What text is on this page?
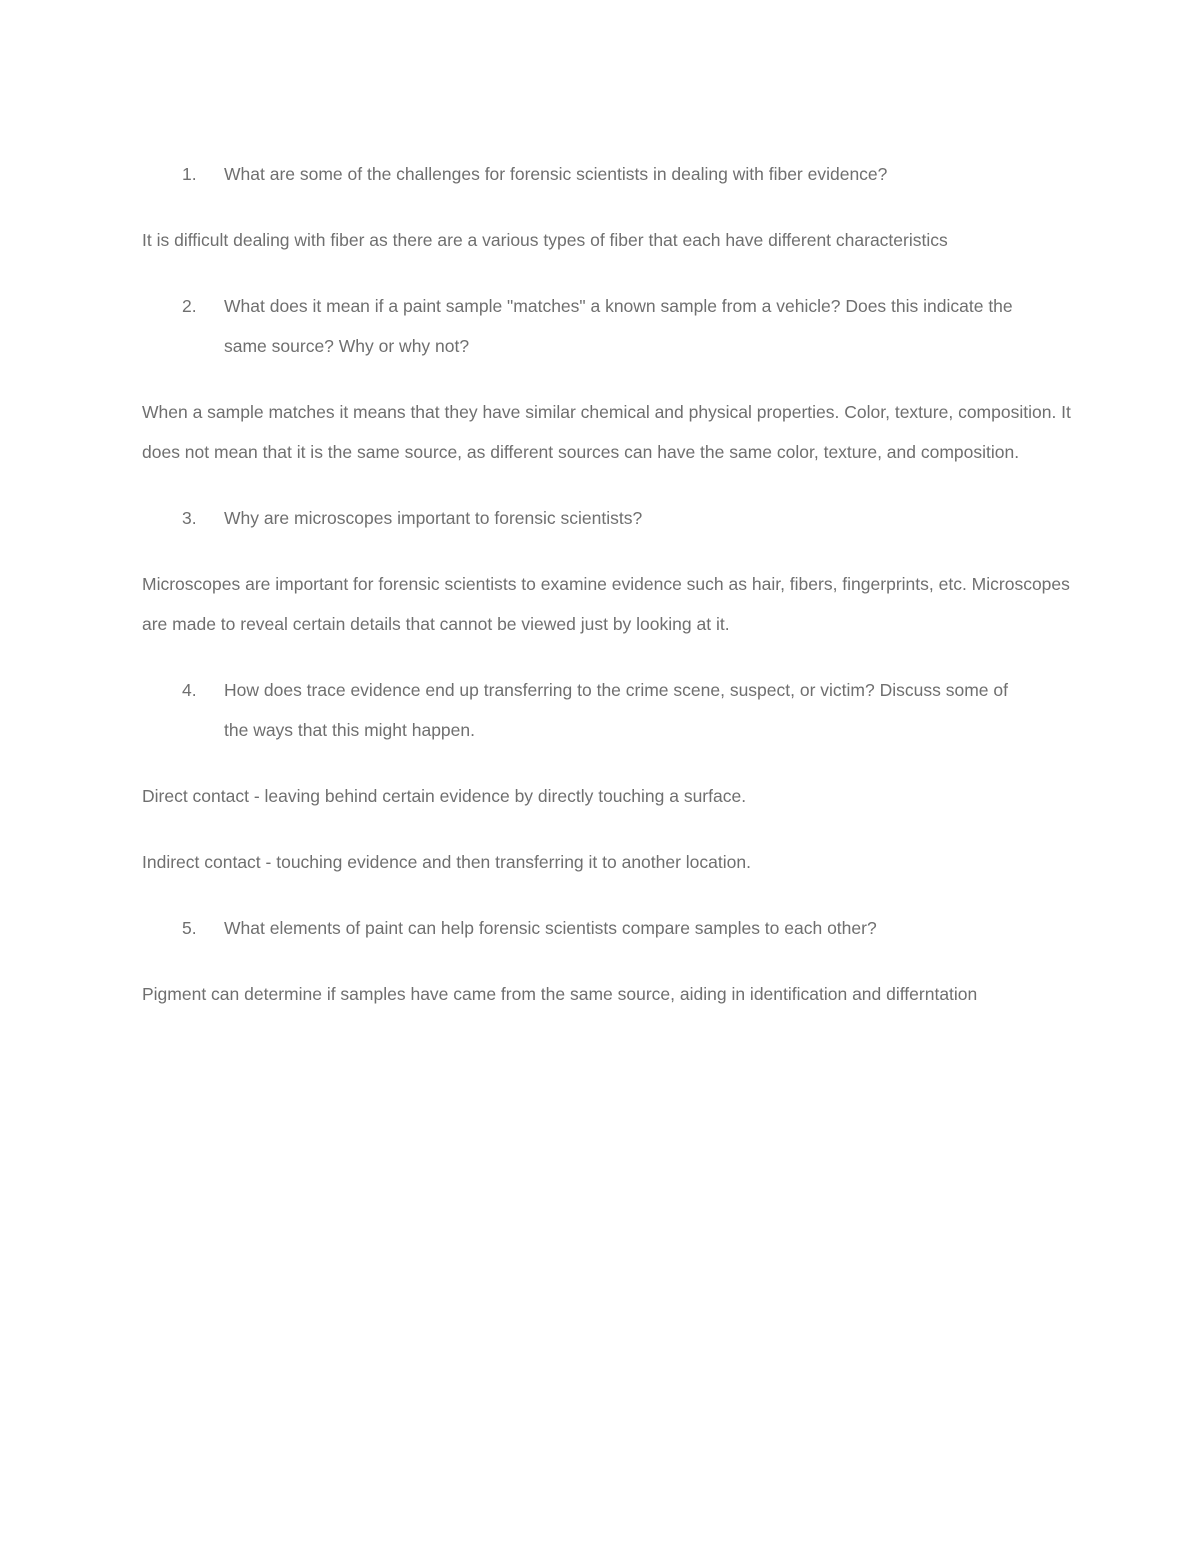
1.	What are some of the challenges for forensic scientists in dealing with fiber evidence?

It is difficult dealing with fiber as there are a various types of fiber that each have different characteristics

2.	What does it mean if a paint sample "matches" a known sample from a vehicle? Does this indicate the same source? Why or why not?

When a sample matches it means that they have similar chemical and physical properties. Color, texture, composition. It does not mean that it is the same source, as different sources can have the same color, texture, and composition.

3.	Why are microscopes important to forensic scientists?

Microscopes are important for forensic scientists to examine evidence such as hair, fibers, fingerprints, etc. Microscopes are made to reveal certain details that cannot be viewed just by looking at it.

4.	How does trace evidence end up transferring to the crime scene, suspect, or victim? Discuss some of the ways that this might happen.

Direct contact - leaving behind certain evidence by directly touching a surface.

Indirect contact - touching evidence and then transferring it to another location.

5.	What elements of paint can help forensic scientists compare samples to each other?

Pigment can determine if samples have came from the same source, aiding in identification and differntation
